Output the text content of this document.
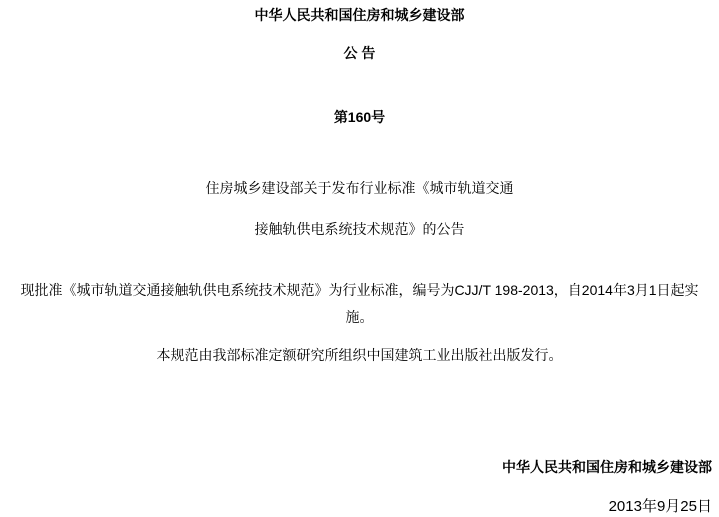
中华人民共和国住房和城乡建设部
公 告
第160号
住房城乡建设部关于发布行业标准《城市轨道交通
接触轨供电系统技术规范》的公告
现批准《城市轨道交通接触轨供电系统技术规范》为行业标准，编号为CJJ/T 198-2013，自2014年3月1日起实
施。
本规范由我部标准定额研究所组织中国建筑工业出版社出版发行。
中华人民共和国住房和城乡建设部
2013年9月25日
